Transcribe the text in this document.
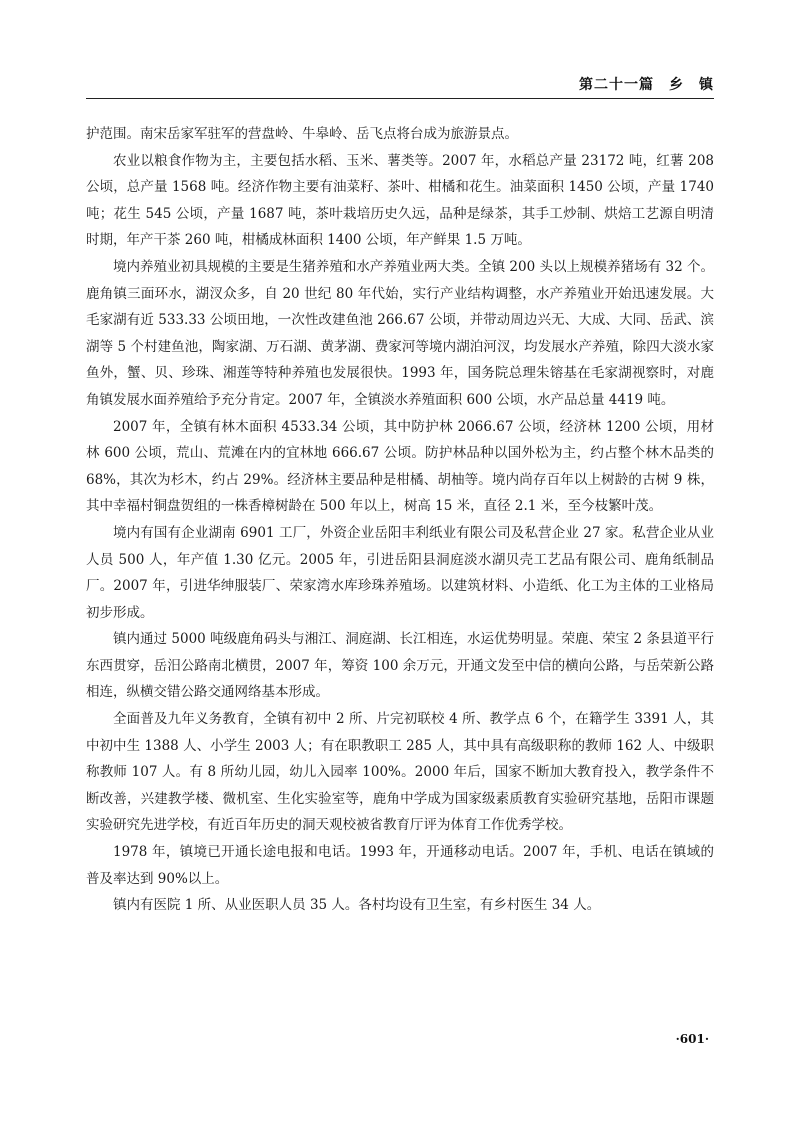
第二十一篇　乡　镇

护范围。南宋岳家军驻军的营盘岭、牛皋岭、岳飞点将台成为旅游景点。

农业以粮食作物为主，主要包括水稻、玉米、薯类等。2007 年，水稻总产量 23172 吨，红薯 208 公顷，总产量 1568 吨。经济作物主要有油菜籽、茶叶、柑橘和花生。油菜面积 1450 公顷，产量 1740 吨；花生 545 公顷，产量 1687 吨，茶叶栽培历史久远，品种是绿茶，其手工炒制、烘焙工艺源自明清时期，年产干茶 260 吨，柑橘成林面积 1400 公顷，年产鲜果 1.5 万吨。

境内养殖业初具规模的主要是生猪养殖和水产养殖业两大类。全镇 200 头以上规模养猪场有 32 个。鹿角镇三面环水，湖汊众多，自 20 世纪 80 年代始，实行产业结构调整，水产养殖业开始迅速发展。大毛家湖有近 533.33 公顷田地，一次性改建鱼池 266.67 公顷，并带动周边兴无、大成、大同、岳武、滨湖等 5 个村建鱼池，陶家湖、万石湖、黄茅湖、费家河等境内湖泊河汊，均发展水产养殖，除四大淡水家鱼外，蟹、贝、珍珠、湘莲等特种养殖也发展很快。1993 年，国务院总理朱镕基在毛家湖视察时，对鹿角镇发展水面养殖给予充分肯定。2007 年，全镇淡水养殖面积 600 公顷，水产品总量 4419 吨。

2007 年，全镇有林木面积 4533.34 公顷，其中防护林 2066.67 公顷，经济林 1200 公顷，用材林 600 公顷，荒山、荒滩在内的宜林地 666.67 公顷。防护林品种以国外松为主，约占整个林木品类的 68%，其次为杉木，约占 29%。经济林主要品种是柑橘、胡柚等。境内尚存百年以上树龄的古树 9 株，其中幸福村铜盘贺组的一株香樟树龄在 500 年以上，树高 15 米，直径 2.1 米，至今枝繁叶茂。

境内有国有企业湖南 6901 工厂，外资企业岳阳丰利纸业有限公司及私营企业 27 家。私营企业从业人员 500 人，年产值 1.30 亿元。2005 年，引进岳阳县洞庭淡水湖贝壳工艺品有限公司、鹿角纸制品厂。2007 年，引进华绅服装厂、荣家湾水库珍珠养殖场。以建筑材料、小造纸、化工为主体的工业格局初步形成。

镇内通过 5000 吨级鹿角码头与湘江、洞庭湖、长江相连，水运优势明显。荣鹿、荣宝 2 条县道平行东西贯穿，岳汨公路南北横贯，2007 年，筹资 100 余万元，开通文发至中信的横向公路，与岳荣新公路相连，纵横交错公路交通网络基本形成。

全面普及九年义务教育，全镇有初中 2 所、片完初联校 4 所、教学点 6 个，在籍学生 3391 人，其中初中生 1388 人、小学生 2003 人；有在职教职工 285 人，其中具有高级职称的教师 162 人、中级职称教师 107 人。有 8 所幼儿园，幼儿入园率 100%。2000 年后，国家不断加大教育投入，教学条件不断改善，兴建教学楼、微机室、生化实验室等，鹿角中学成为国家级素质教育实验研究基地，岳阳市课题实验研究先进学校，有近百年历史的洞天观校被省教育厅评为体育工作优秀学校。

1978 年，镇境已开通长途电报和电话。1993 年，开通移动电话。2007 年，手机、电话在镇域的普及率达到 90%以上。

镇内有医院 1 所、从业医职人员 35 人。各村均设有卫生室，有乡村医生 34 人。

·601·
